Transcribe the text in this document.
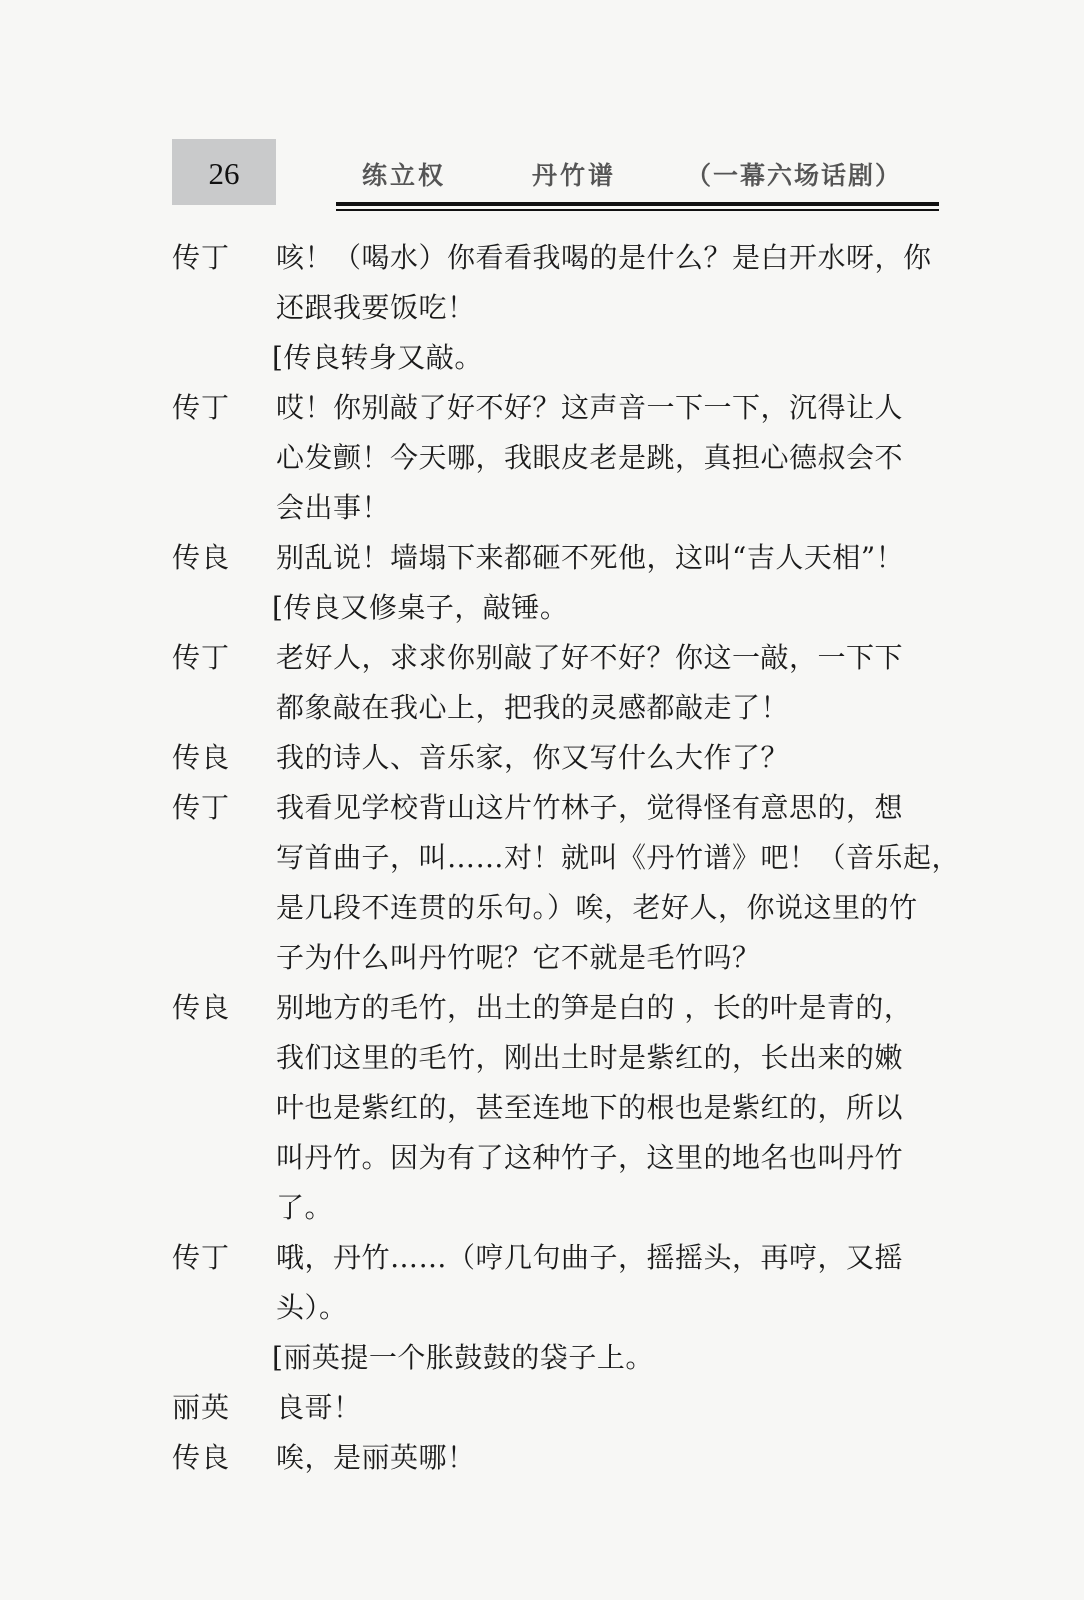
26	练立权	丹竹谱	（一幕六场话剧）
传丁	咳！（喝水）你看看我喝的是什么？是白开水呀，你
还跟我要饭吃！
[传良转身又敲。
传丁	哎！你别敲了好不好？这声音一下一下，沉得让人
心发颤！今天哪，我眼皮老是跳，真担心德叔会不
会出事！
传良	别乱说！墙塌下来都砸不死他，这叫“吉人天相”！
[传良又修桌子，敲锤。
传丁	老好人，求求你别敲了好不好？你这一敲，一下下
都象敲在我心上，把我的灵感都敲走了！
传良	我的诗人、音乐家，你又写什么大作了？
传丁	我看见学校背山这片竹林子，觉得怪有意思的，想
写首曲子，叫……对！就叫《丹竹谱》吧！（音乐起，
是几段不连贯的乐句。）唉，老好人，你说这里的竹
子为什么叫丹竹呢？它不就是毛竹吗？
传良	别地方的毛竹，出土的笋是白的 ，长的叶是青的，
我们这里的毛竹，刚出土时是紫红的，长出来的嫩
叶也是紫红的，甚至连地下的根也是紫红的，所以
叫丹竹。因为有了这种竹子，这里的地名也叫丹竹
了。
传丁	哦，丹竹……（哼几句曲子，摇摇头，再哼，又摇
头）。
[丽英提一个胀鼓鼓的袋子上。
丽英	良哥！
传良	唉，是丽英哪！
